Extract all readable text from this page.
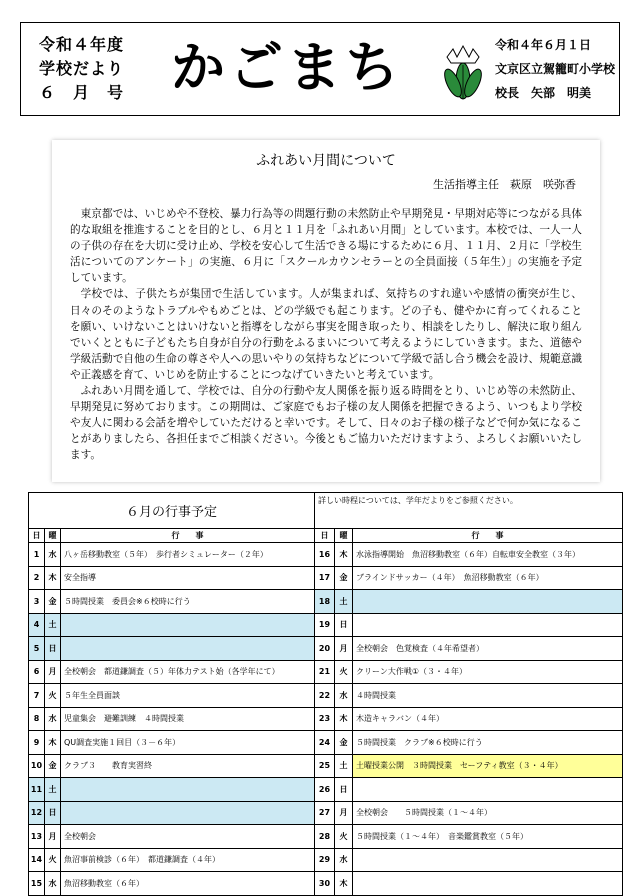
令和４年度
学校だより
６　月　号 かごまち	令和４年６月１日
文京区立駕籠町小学校
校長　矢部　明美
ふれあい月間について
生活指導主任　萩原　咲弥香

東京都では、いじめや不登校、暴力行為等の問題行動の未然防止や早期発見・早期対応等につながる具体的な取組を推進することを目的とし、６月と１１月を「ふれあい月間」としています。本校では、一人一人の子供の存在を大切に受け止め、学校を安心して生活できる場にするために６月、１１月、２月に「学校生活についてのアンケート」の実施、６月に「スクールカウンセラーとの全員面接（５年生）」の実施を予定しています。

学校では、子供たちが集団で生活しています。人が集まれば、気持ちのすれ違いや感情の衝突が生じ、日々のそのようなトラブルやもめごとは、どの学級でも起こります。どの子も、健やかに育ってくれることを願い、いけないことはいけないと指導をしながら事実を聞き取ったり、相談をしたりし、解決に取り組んでいくとともに子どもたち自身が自分の行動をふるまいについて考えるようにしていきます。また、道徳や学級活動で自他の生命の尊さや人への思いやりの気持ちなどについて学級で話し合う機会を設け、規範意識や正義感を育て、いじめを防止することにつなげていきたいと考えています。

ふれあい月間を通して、学校では、自分の行動や友人関係を振り返る時間をとり、いじめ等の未然防止、早期発見に努めております。この期間は、ご家庭でもお子様の友人関係を把握できるよう、いつもより学校や友人に関わる会話を増やしていただけると幸いです。そして、日々のお子様の様子などで何か気になることがありましたら、各担任までご相談ください。今後ともご協力いただけますよう、よろしくお願いいたします。

６月の行事予定			詳しい時程については、学年だよりをご参照ください。		

日	曜	行　　事	日	曜	行　　事
1	水	八ヶ岳移動教室（５年）　歩行者シミュレーター（２年）	16	木	水泳指導開始　魚沼移動教室（６年）自転車安全教室（３年）
2	木	安全指導	17	金	ブラインドサッカー（４年）　魚沼移動教室（６年）
3	金	５時間授業　委員会※６校時に行う	18	土	
4	土		19	日	
5	日		20	月	全校朝会　色覚検査（４年希望者）
6	月	全校朝会　都道鎌調査（５）年体力テスト始（各学年にて）	21	火	クリーン大作戦①（３・４年）
7	火	５年生全員面談	22	水	４時間授業
8	水	児童集会　避難訓練　４時間授業	23	木	木造キャラバン（４年）
9	木	QU調査実施１回目（３－６年）	24	金	５時間授業　クラブ※６校時に行う
10	金	クラブ３　　教育実習終	25	土	土曜授業公開　３時間授業　セーフティ教室（３・４年）
11	土		26	日	
12	日		27	月	全校朝会　　５時間授業（１～４年）
13	月	全校朝会	28	火	５時間授業（１～４年）　音楽鑑賞教室（５年）
14	火	魚沼事前検診（６年）　都道鎌調査（４年）	29	水	
15	水	魚沼移動教室（６年）	30	木	
